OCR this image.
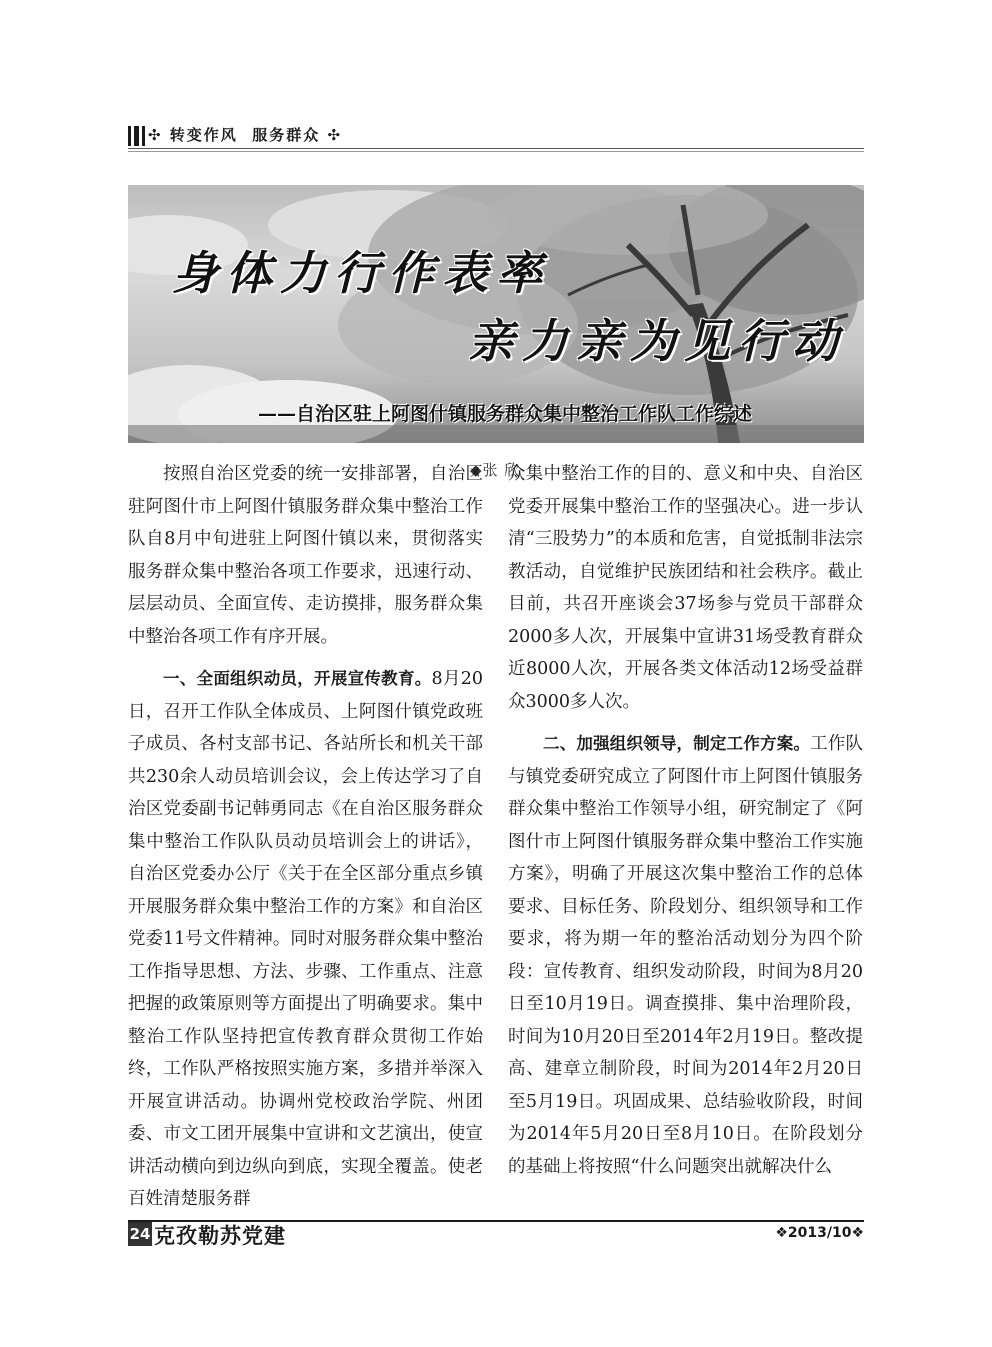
✣ 转变作风  服务群众 ✣
身体力行作表率
亲力亲为见行动
——自治区驻上阿图什镇服务群众集中整治工作队工作综述
◆张 欣

按照自治区党委的统一安排部署，自治区驻阿图什市上阿图什镇服务群众集中整治工作队自8月中旬进驻上阿图什镇以来，贯彻落实服务群众集中整治各项工作要求，迅速行动、层层动员、全面宣传、走访摸排，服务群众集中整治各项工作有序开展。

一、全面组织动员，开展宣传教育。8月20日，召开工作队全体成员、上阿图什镇党政班子成员、各村支部书记、各站所长和机关干部共230余人动员培训会议，会上传达学习了自治区党委副书记韩勇同志《在自治区服务群众集中整治工作队队员动员培训会上的讲话》，自治区党委办公厅《关于在全区部分重点乡镇开展服务群众集中整治工作的方案》和自治区党委11号文件精神。同时对服务群众集中整治工作指导思想、方法、步骤、工作重点、注意把握的政策原则等方面提出了明确要求。集中整治工作队坚持把宣传教育群众贯彻工作始终，工作队严格按照实施方案，多措并举深入开展宣讲活动。协调州党校政治学院、州团委、市文工团开展集中宣讲和文艺演出，使宣讲活动横向到边纵向到底，实现全覆盖。使老百姓清楚服务群

众集中整治工作的目的、意义和中央、自治区党委开展集中整治工作的坚强决心。进一步认清“三股势力”的本质和危害，自觉抵制非法宗教活动，自觉维护民族团结和社会秩序。截止目前，共召开座谈会37场参与党员干部群众2000多人次，开展集中宣讲31场受教育群众近8000人次，开展各类文体活动12场受益群众3000多人次。

二、加强组织领导，制定工作方案。工作队与镇党委研究成立了阿图什市上阿图什镇服务群众集中整治工作领导小组，研究制定了《阿图什市上阿图什镇服务群众集中整治工作实施方案》，明确了开展这次集中整治工作的总体要求、目标任务、阶段划分、组织领导和工作要求，将为期一年的整治活动划分为四个阶段：宣传教育、组织发动阶段，时间为8月20日至10月19日。调查摸排、集中治理阶段，时间为10月20日至2014年2月19日。整改提高、建章立制阶段，时间为2014年2月20日至5月19日。巩固成果、总结验收阶段，时间为2014年5月20日至8月10日。在阶段划分的基础上将按照“什么问题突出就解决什么

24 克孜勒苏党建	❖2013/10❖
